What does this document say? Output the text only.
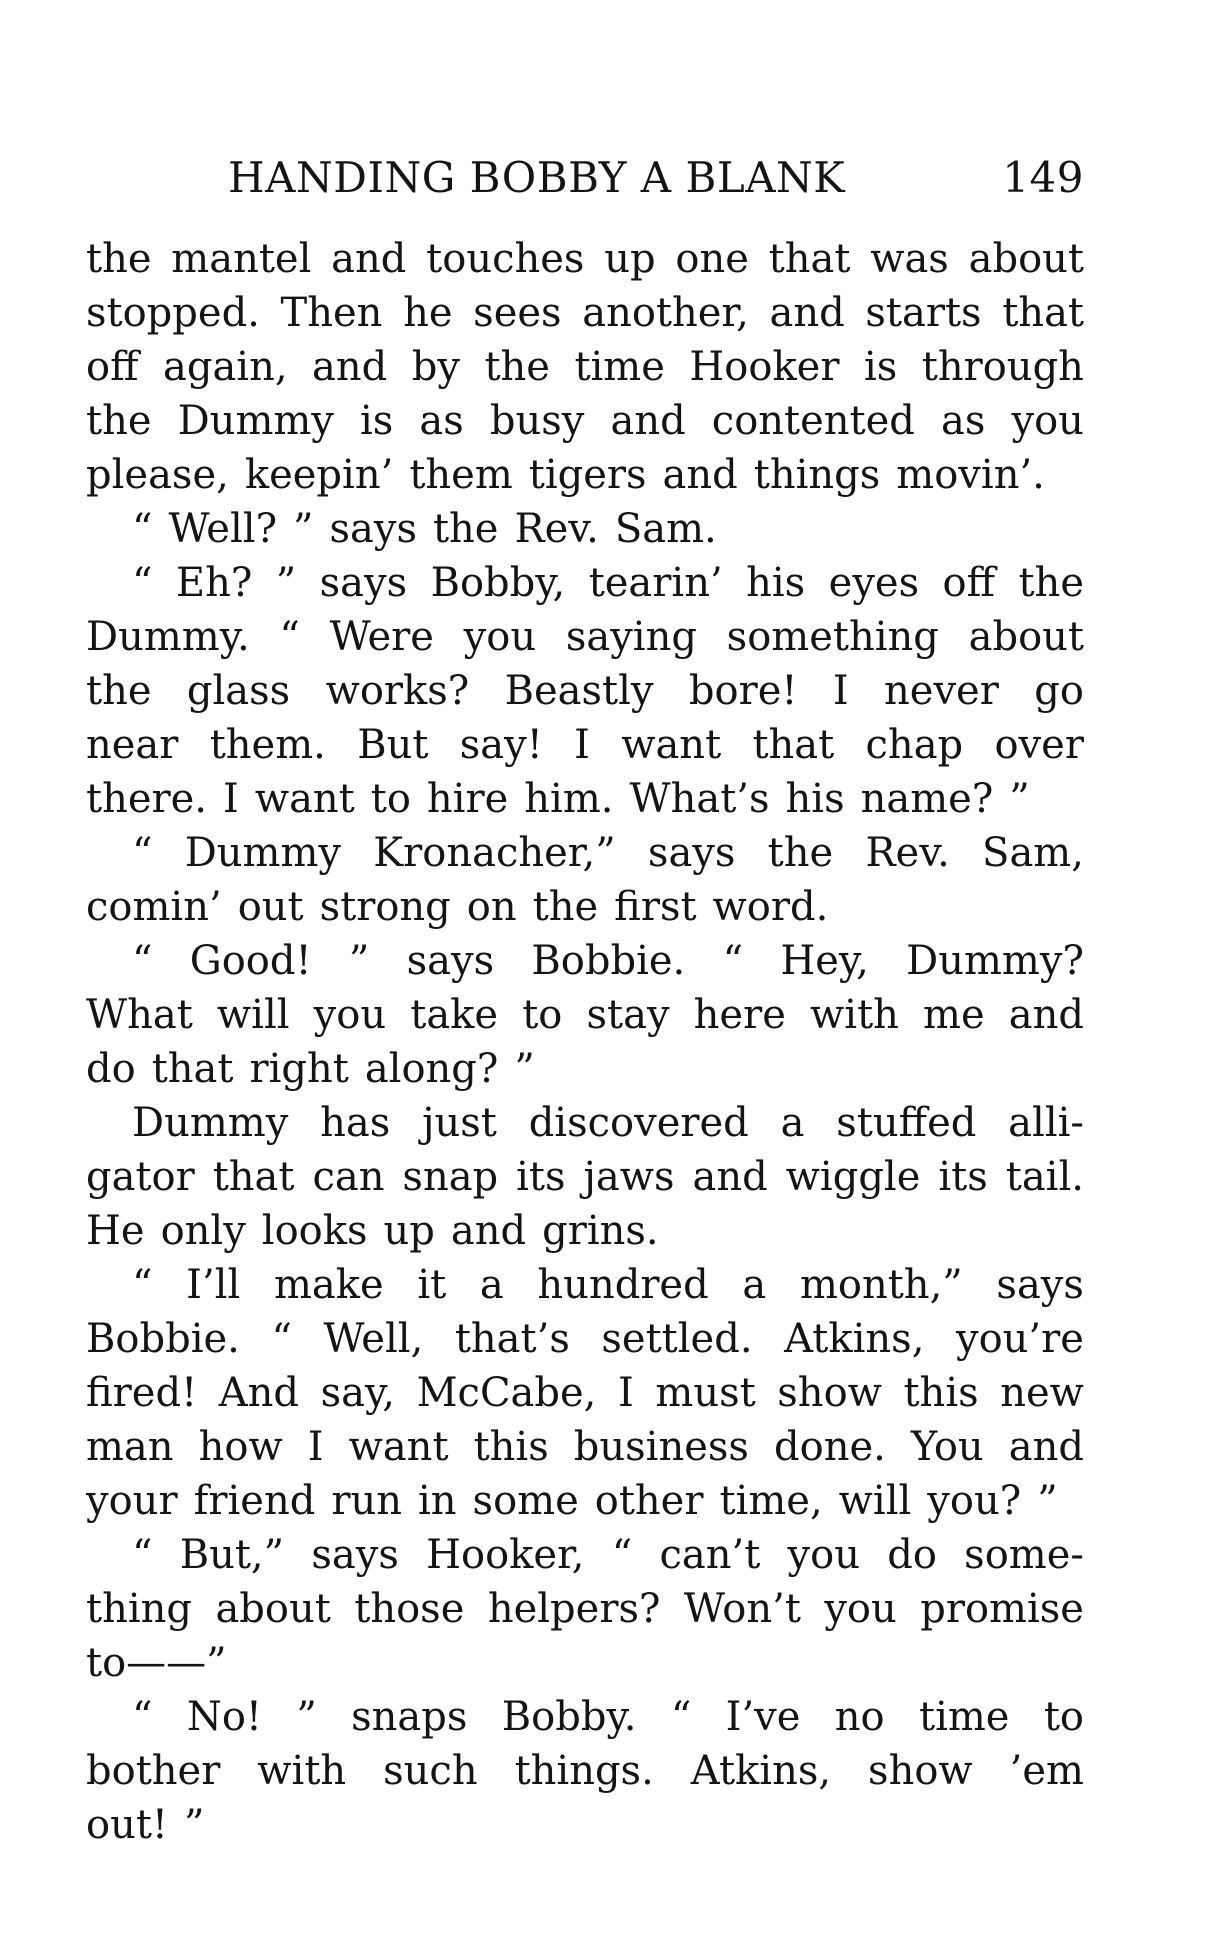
HANDING BOBBY A BLANK	149
the mantel and touches up one that was about
stopped. Then he sees another, and starts that
off again, and by the time Hooker is through
the Dummy is as busy and contented as you
please, keepin’ them tigers and things movin’.
“ Well? ” says the Rev. Sam.
“ Eh? ” says Bobby, tearin’ his eyes off the
Dummy. “ Were you saying something about
the glass works? Beastly bore! I never go
near them. But say! I want that chap over
there. I want to hire him. What’s his name? ”
“ Dummy Kronacher,” says the Rev. Sam,
comin’ out strong on the first word.
“ Good! ” says Bobbie. “ Hey, Dummy?
What will you take to stay here with me and
do that right along? ”
Dummy has just discovered a stuffed alli-
gator that can snap its jaws and wiggle its tail.
He only looks up and grins.
“ I’ll make it a hundred a month,” says
Bobbie. “ Well, that’s settled. Atkins, you’re
fired! And say, McCabe, I must show this new
man how I want this business done. You and
your friend run in some other time, will you? ”
“ But,” says Hooker, “ can’t you do some-
thing about those helpers? Won’t you promise
to——”
“ No! ” snaps Bobby. “ I’ve no time to
bother with such things. Atkins, show ’em
out! ”
